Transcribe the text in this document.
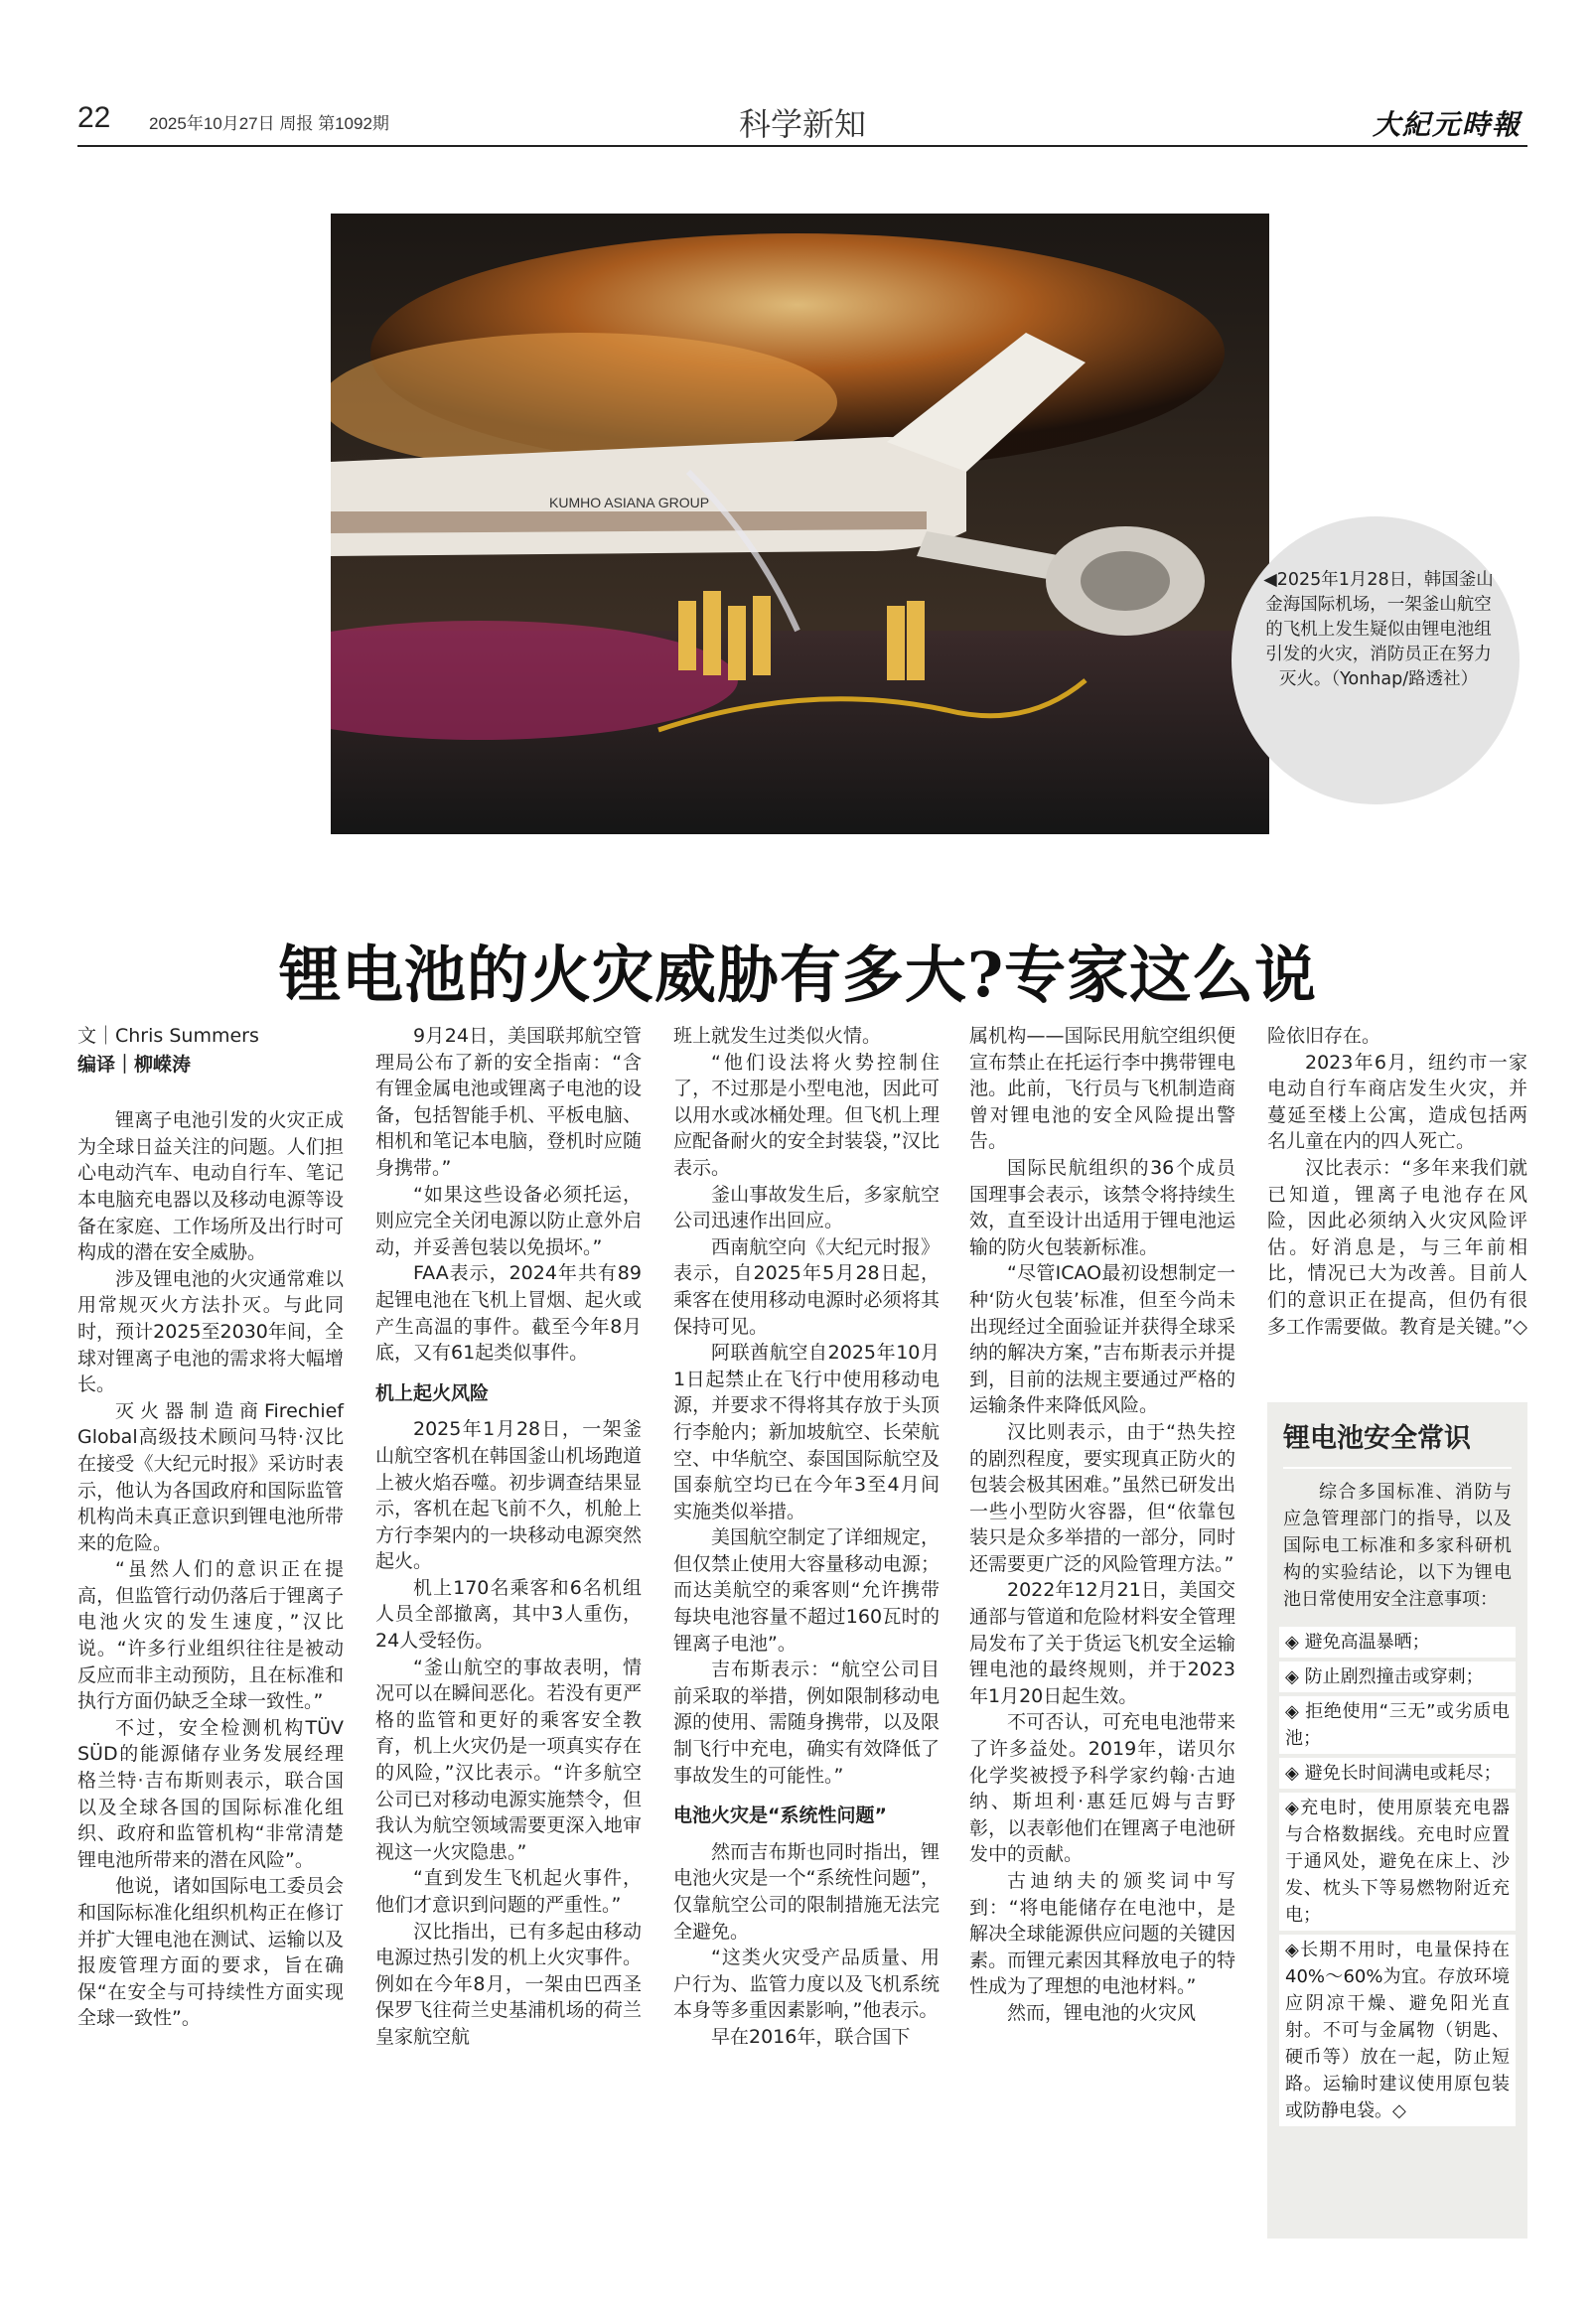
22 2025年10月27日 周报 第1092期	科学新知	大紀元時報
KUMHO ASIANA GROUP

◀2025年1月28日，韩国釜山金海国际机场，一架釜山航空的飞机上发生疑似由锂电池组引发的火灾，消防员正在努力灭火。（Yonhap/路透社）

锂电池的火灾威胁有多大?专家这么说
文｜Chris Summers
编译｜柳嵘涛

锂离子电池引发的火灾正成为全球日益关注的问题。人们担心电动汽车、电动自行车、笔记本电脑充电器以及移动电源等设备在家庭、工作场所及出行时可构成的潜在安全威胁。

涉及锂电池的火灾通常难以用常规灭火方法扑灭。与此同时，预计2025至2030年间，全球对锂离子电池的需求将大幅增长。

灭火器制造商Firechief Global高级技术顾问马特·汉比在接受《大纪元时报》采访时表示，他认为各国政府和国际监管机构尚未真正意识到锂电池所带来的危险。

“虽然人们的意识正在提高，但监管行动仍落后于锂离子电池火灾的发生速度，”汉比说。“许多行业组织往往是被动反应而非主动预防，且在标准和执行方面仍缺乏全球一致性。”

不过，安全检测机构TÜV SÜD的能源储存业务发展经理格兰特·吉布斯则表示，联合国以及全球各国的国际标准化组织、政府和监管机构“非常清楚锂电池所带来的潜在风险”。

他说，诸如国际电工委员会和国际标准化组织机构正在修订并扩大锂电池在测试、运输以及报废管理方面的要求，旨在确保“在安全与可持续性方面实现全球一致性”。

9月24日，美国联邦航空管理局公布了新的安全指南：“含有锂金属电池或锂离子电池的设备，包括智能手机、平板电脑、相机和笔记本电脑，登机时应随身携带。”

“如果这些设备必须托运，则应完全关闭电源以防止意外启动，并妥善包装以免损坏。”

FAA表示，2024年共有89起锂电池在飞机上冒烟、起火或产生高温的事件。截至今年8月底，又有61起类似事件。

机上起火风险

2025年1月28日，一架釜山航空客机在韩国釜山机场跑道上被火焰吞噬。初步调查结果显示，客机在起飞前不久，机舱上方行李架内的一块移动电源突然起火。

机上170名乘客和6名机组人员全部撤离，其中3人重伤，24人受轻伤。

“釜山航空的事故表明，情况可以在瞬间恶化。若没有更严格的监管和更好的乘客安全教育，机上火灾仍是一项真实存在的风险，”汉比表示。“许多航空公司已对移动电源实施禁令，但我认为航空领域需要更深入地审视这一火灾隐患。”

“直到发生飞机起火事件，他们才意识到问题的严重性。”

汉比指出，已有多起由移动电源过热引发的机上火灾事件。例如在今年8月，一架由巴西圣保罗飞往荷兰史基浦机场的荷兰皇家航空航

班上就发生过类似火情。

“他们设法将火势控制住了，不过那是小型电池，因此可以用水或冰桶处理。但飞机上理应配备耐火的安全封装袋，”汉比表示。

釜山事故发生后，多家航空公司迅速作出回应。

西南航空向《大纪元时报》表示，自2025年5月28日起，乘客在使用移动电源时必须将其保持可见。

阿联酋航空自2025年10月1日起禁止在飞行中使用移动电源，并要求不得将其存放于头顶行李舱内；新加坡航空、长荣航空、中华航空、泰国国际航空及国泰航空均已在今年3至4月间实施类似举措。

美国航空制定了详细规定，但仅禁止使用大容量移动电源；而达美航空的乘客则“允许携带每块电池容量不超过160瓦时的锂离子电池”。

吉布斯表示：“航空公司目前采取的举措，例如限制移动电源的使用、需随身携带，以及限制飞行中充电，确实有效降低了事故发生的可能性。”

电池火灾是“系统性问题”

然而吉布斯也同时指出，锂电池火灾是一个“系统性问题”，仅靠航空公司的限制措施无法完全避免。

“这类火灾受产品质量、用户行为、监管力度以及飞机系统本身等多重因素影响，”他表示。

早在2016年，联合国下

属机构——国际民用航空组织便宣布禁止在托运行李中携带锂电池。此前，飞行员与飞机制造商曾对锂电池的安全风险提出警告。

国际民航组织的36个成员国理事会表示，该禁令将持续生效，直至设计出适用于锂电池运输的防火包装新标准。

“尽管ICAO最初设想制定一种‘防火包装’标准，但至今尚未出现经过全面验证并获得全球采纳的解决方案，”吉布斯表示并提到，目前的法规主要通过严格的运输条件来降低风险。

汉比则表示，由于“热失控的剧烈程度，要实现真正防火的包装会极其困难。”虽然已研发出一些小型防火容器，但“依靠包装只是众多举措的一部分，同时还需要更广泛的风险管理方法。”

2022年12月21日，美国交通部与管道和危险材料安全管理局发布了关于货运飞机安全运输锂电池的最终规则，并于2023年1月20日起生效。

不可否认，可充电电池带来了许多益处。2019年，诺贝尔化学奖被授予科学家约翰·古迪纳、斯坦利·惠廷厄姆与吉野彰，以表彰他们在锂离子电池研发中的贡献。

古迪纳夫的颁奖词中写到：“将电能储存在电池中，是解决全球能源供应问题的关键因素。而锂元素因其释放电子的特性成为了理想的电池材料。”

然而，锂电池的火灾风

险依旧存在。

2023年6月，纽约市一家电动自行车商店发生火灾，并蔓延至楼上公寓，造成包括两名儿童在内的四人死亡。

汉比表示：“多年来我们就已知道，锂离子电池存在风险，因此必须纳入火灾风险评估。好消息是，与三年前相比，情况已大为改善。目前人们的意识正在提高，但仍有很多工作需要做。教育是关键。”◇

锂电池安全常识

综合多国标准、消防与应急管理部门的指导，以及国际电工标准和多家科研机构的实验结论，以下为锂电池日常使用安全注意事项：

◈ 避免高温暴晒；
◈ 防止剧烈撞击或穿刺；
◈ 拒绝使用“三无”或劣质电池；
◈ 避免长时间满电或耗尽；
◈充电时，使用原装充电器与合格数据线。充电时应置于通风处，避免在床上、沙发、枕头下等易燃物附近充电；
◈长期不用时，电量保持在40%～60%为宜。存放环境应阴凉干燥、避免阳光直射。不可与金属物（钥匙、硬币等）放在一起，防止短路。运输时建议使用原包装或防静电袋。◇
